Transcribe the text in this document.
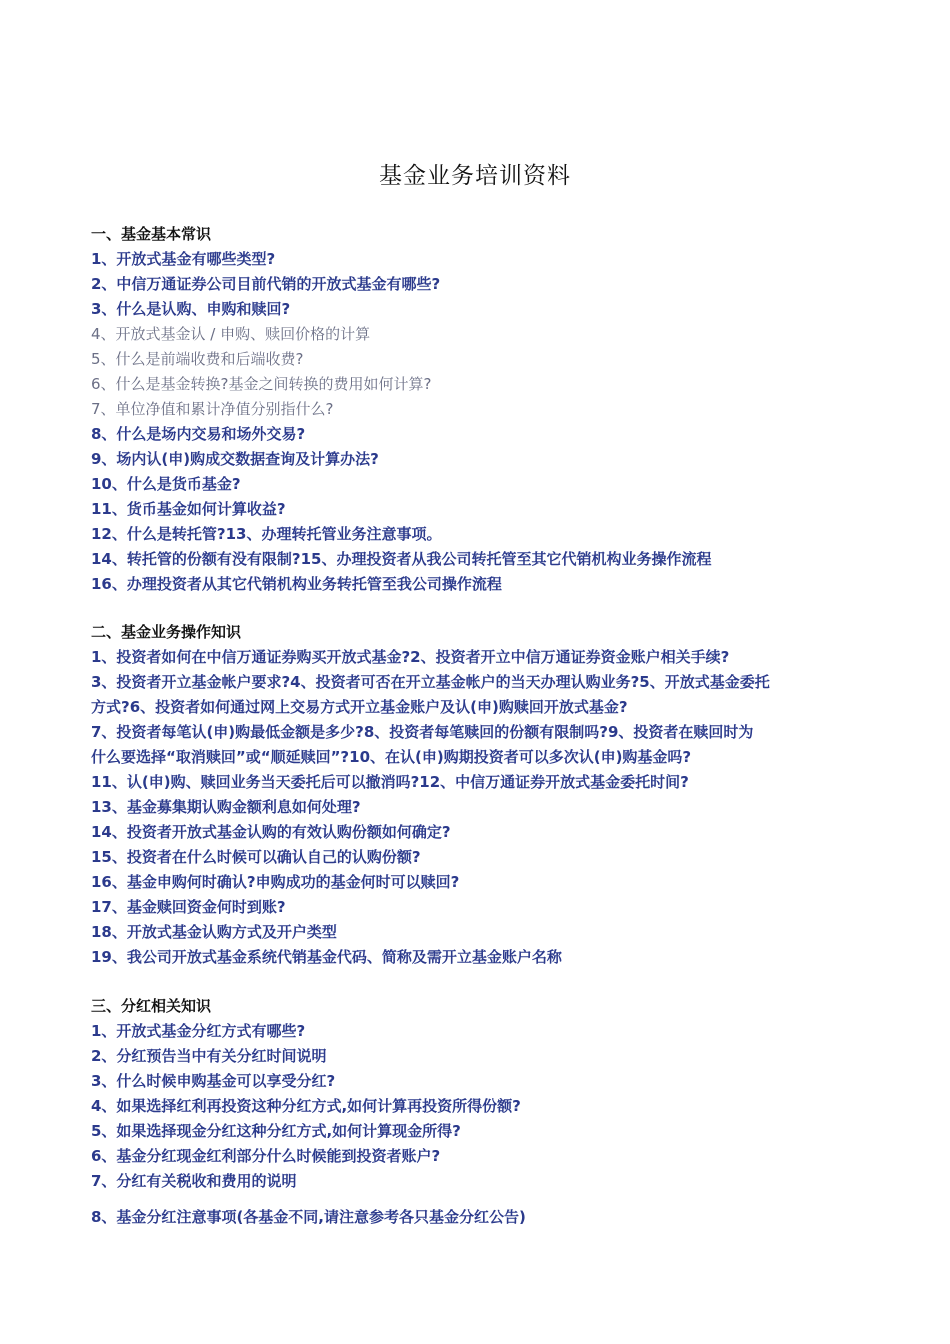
基金业务培训资料
一、基金基本常识
1、开放式基金有哪些类型?
2、中信万通证券公司目前代销的开放式基金有哪些?
3、什么是认购、申购和赎回?
4、开放式基金认 / 申购、赎回价格的计算
5、什么是前端收费和后端收费?
6、什么是基金转换?基金之间转换的费用如何计算?
7、单位净值和累计净值分别指什么?
8、什么是场内交易和场外交易?
9、场内认(申)购成交数据查询及计算办法?
10、什么是货币基金?
11、货币基金如何计算收益?
12、什么是转托管?13、办理转托管业务注意事项。
14、转托管的份额有没有限制?15、办理投资者从我公司转托管至其它代销机构业务操作流程
16、办理投资者从其它代销机构业务转托管至我公司操作流程
二、基金业务操作知识
1、投资者如何在中信万通证券购买开放式基金?2、投资者开立中信万通证券资金账户相关手续?
3、投资者开立基金帐户要求?4、投资者可否在开立基金帐户的当天办理认购业务?5、开放式基金委托
方式?6、投资者如何通过网上交易方式开立基金账户及认(申)购赎回开放式基金?
7、投资者每笔认(申)购最低金额是多少?8、投资者每笔赎回的份额有限制吗?9、投资者在赎回时为
什么要选择“取消赎回”或“顺延赎回”?10、在认(申)购期投资者可以多次认(申)购基金吗?
11、认(申)购、赎回业务当天委托后可以撤消吗?12、中信万通证券开放式基金委托时间?
13、基金募集期认购金额利息如何处理?
14、投资者开放式基金认购的有效认购份额如何确定?
15、投资者在什么时候可以确认自己的认购份额?
16、基金申购何时确认?申购成功的基金何时可以赎回?
17、基金赎回资金何时到账?
18、开放式基金认购方式及开户类型
19、我公司开放式基金系统代销基金代码、简称及需开立基金账户名称
三、分红相关知识
1、开放式基金分红方式有哪些?
2、分红预告当中有关分红时间说明
3、什么时候申购基金可以享受分红?
4、如果选择红利再投资这种分红方式,如何计算再投资所得份额?
5、如果选择现金分红这种分红方式,如何计算现金所得?
6、基金分红现金红利部分什么时候能到投资者账户?
7、分红有关税收和费用的说明
8、基金分红注意事项(各基金不同,请注意参考各只基金分红公告)
